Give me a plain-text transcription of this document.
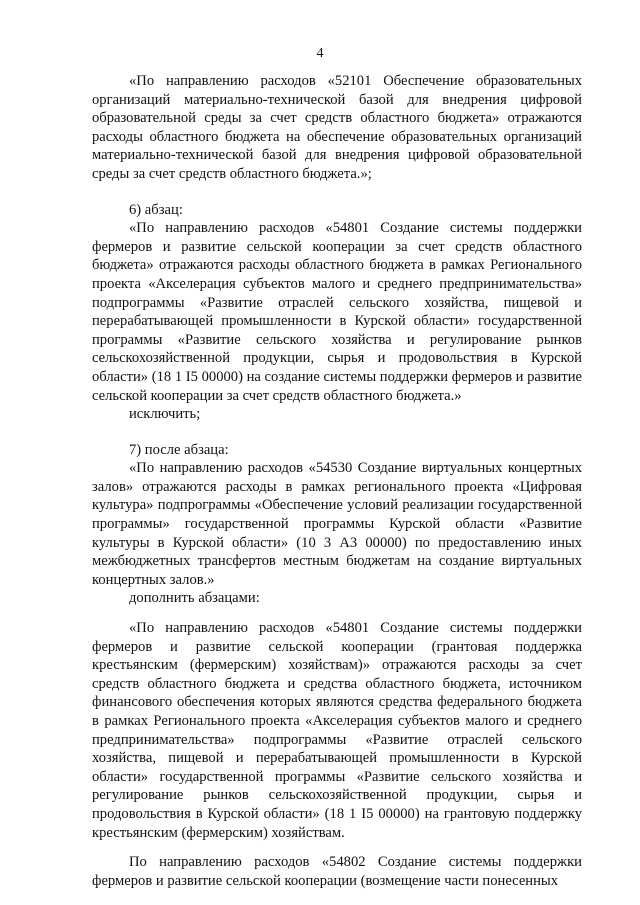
4

«По направлению расходов «52101 Обеспечение образовательных организаций материально-технической базой для внедрения цифровой образовательной среды за счет средств областного бюджета» отражаются расходы областного бюджета на обеспечение образовательных организаций материально-технической базой для внедрения цифровой образовательной среды за счет средств областного бюджета.»;

6) абзац:

«По направлению расходов «54801 Создание системы поддержки фермеров и развитие сельской кооперации за счет средств областного бюджета» отражаются расходы областного бюджета в рамках Регионального проекта «Акселерация субъектов малого и среднего предпринимательства» подпрограммы «Развитие отраслей сельского хозяйства, пищевой и перерабатывающей промышленности в Курской области» государственной программы «Развитие сельского хозяйства и регулирование рынков сельскохозяйственной продукции, сырья и продовольствия в Курской области» (18 1 I5 00000) на создание системы поддержки фермеров и развитие сельской кооперации за счет средств областного бюджета.»

исключить;

7) после абзаца:

«По направлению расходов «54530 Создание виртуальных концертных залов» отражаются расходы в рамках регионального проекта «Цифровая культура» подпрограммы «Обеспечение условий реализации государственной программы» государственной программы Курской области «Развитие культуры в Курской области» (10 3 A3 00000) по предоставлению иных межбюджетных трансфертов местным бюджетам на создание виртуальных концертных залов.»

дополнить абзацами:

«По направлению расходов «54801 Создание системы поддержки фермеров и развитие сельской кооперации (грантовая поддержка крестьянским (фермерским) хозяйствам)» отражаются расходы за счет средств областного бюджета и средства областного бюджета, источником финансового обеспечения которых являются средства федерального бюджета в рамках Регионального проекта «Акселерация субъектов малого и среднего предпринимательства» подпрограммы «Развитие отраслей сельского хозяйства, пищевой и перерабатывающей промышленности в Курской области» государственной программы «Развитие сельского хозяйства и регулирование рынков сельскохозяйственной продукции, сырья и продовольствия в Курской области» (18 1 I5 00000) на грантовую поддержку крестьянским (фермерским) хозяйствам.

По направлению расходов «54802 Создание системы поддержки фермеров и развитие сельской кооперации (возмещение части понесенных
